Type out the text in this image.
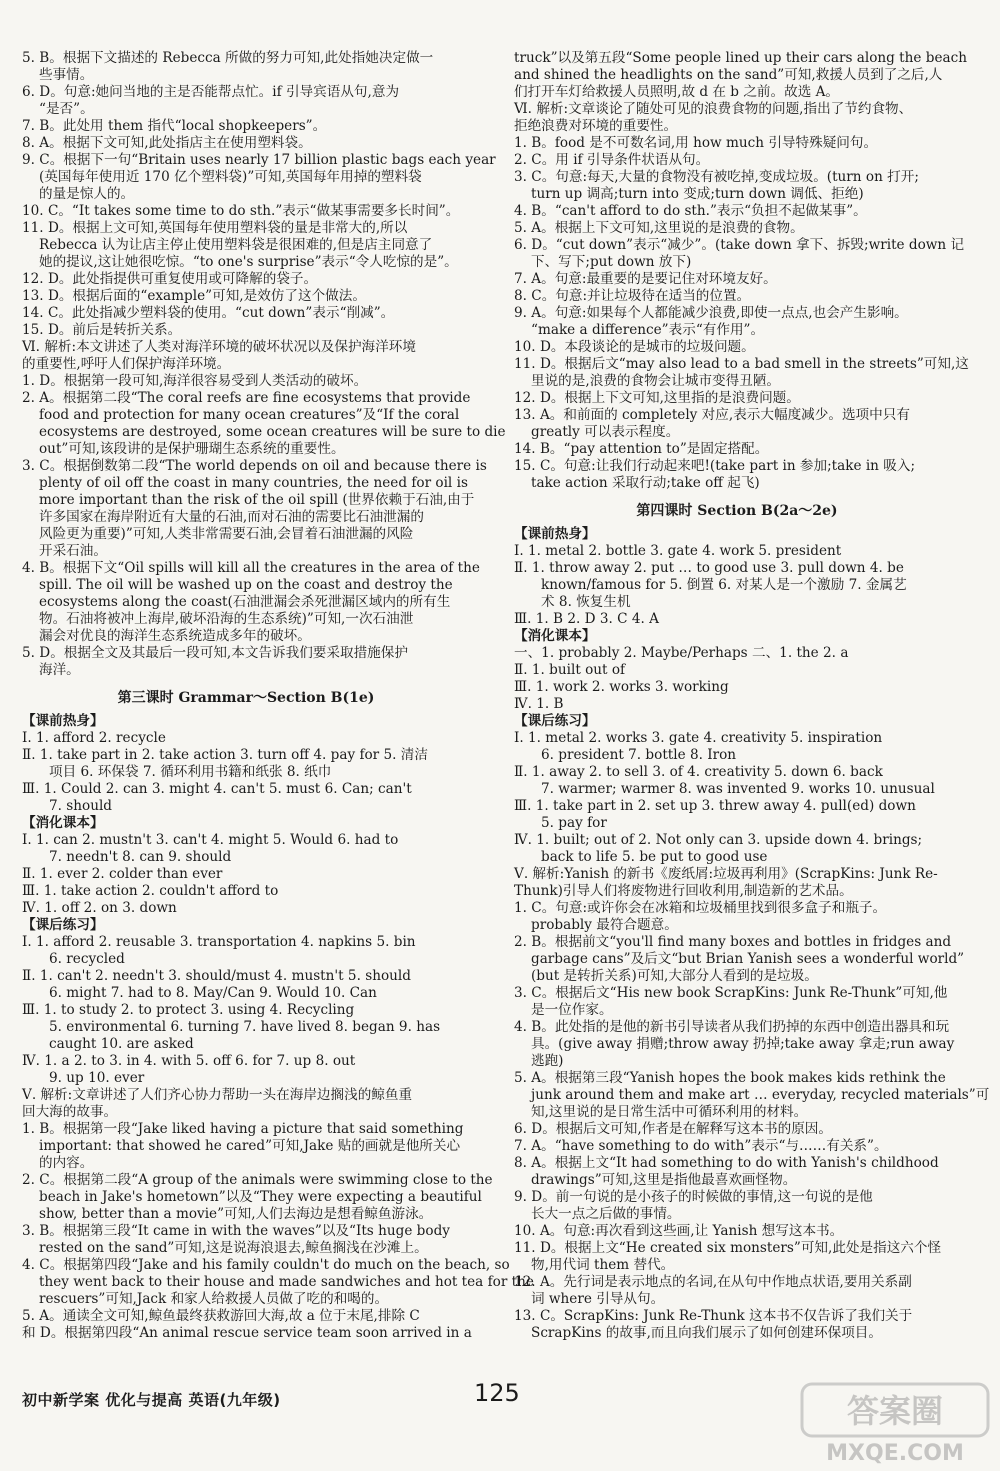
5. B。根据下文描述的 Rebecca 所做的努力可知,此处指她决定做一
些事情。
6. D。句意:她问当地的主是否能帮点忙。if 引导宾语从句,意为
“是否”。
7. B。此处用 them 指代“local shopkeepers”。
8. A。根据下文可知,此处指店主在使用塑料袋。
9. C。根据下一句“Britain uses nearly 17 billion plastic bags each year
(英国每年使用近 170 亿个塑料袋)”可知,英国每年用掉的塑料袋
的量是惊人的。
10. C。“It takes some time to do sth.”表示“做某事需要多长时间”。
11. D。根据上文可知,英国每年使用塑料袋的量是非常大的,所以
Rebecca 认为让店主停止使用塑料袋是很困难的,但是店主同意了
她的提议,这让她很吃惊。“to one's surprise”表示“令人吃惊的是”。
12. D。此处指提供可重复使用或可降解的袋子。
13. D。根据后面的“example”可知,是效仿了这个做法。
14. C。此处指减少塑料袋的使用。“cut down”表示“削减”。
15. D。前后是转折关系。
Ⅵ. 解析:本文讲述了人类对海洋环境的破坏状况以及保护海洋环境
的重要性,呼吁人们保护海洋环境。
1. D。根据第一段可知,海洋很容易受到人类活动的破坏。
2. A。根据第二段“The coral reefs are fine ecosystems that provide
food and protection for many ocean creatures”及“If the coral
ecosystems are destroyed, some ocean creatures will be sure to die
out”可知,该段讲的是保护珊瑚生态系统的重要性。
3. C。根据倒数第二段“The world depends on oil and because there is
plenty of oil off the coast in many countries, the need for oil is
more important than the risk of the oil spill (世界依赖于石油,由于
许多国家在海岸附近有大量的石油,而对石油的需要比石油泄漏的
风险更为重要)”可知,人类非常需要石油,会冒着石油泄漏的风险
开采石油。
4. B。根据下文“Oil spills will kill all the creatures in the area of the
spill. The oil will be washed up on the coast and destroy the
ecosystems along the coast(石油泄漏会杀死泄漏区域内的所有生
物。石油将被冲上海岸,破坏沿海的生态系统)”可知,一次石油泄
漏会对优良的海洋生态系统造成多年的破坏。
5. D。根据全文及其最后一段可知,本文告诉我们要采取措施保护
海洋。
第三课时 Grammar～Section B(1e)
【课前热身】
Ⅰ. 1. afford 2. recycle
Ⅱ. 1. take part in 2. take action 3. turn off 4. pay for 5. 清洁
项目 6. 环保袋 7. 循环利用书籍和纸张 8. 纸巾
Ⅲ. 1. Could 2. can 3. might 4. can't 5. must 6. Can; can't
7. should
【消化课本】
Ⅰ. 1. can 2. mustn't 3. can't 4. might 5. Would 6. had to
7. needn't 8. can 9. should
Ⅱ. 1. ever 2. colder than ever
Ⅲ. 1. take action 2. couldn't afford to
Ⅳ. 1. off 2. on 3. down
【课后练习】
Ⅰ. 1. afford 2. reusable 3. transportation 4. napkins 5. bin
6. recycled
Ⅱ. 1. can't 2. needn't 3. should/must 4. mustn't 5. should
6. might 7. had to 8. May/Can 9. Would 10. Can
Ⅲ. 1. to study 2. to protect 3. using 4. Recycling
5. environmental 6. turning 7. have lived 8. began 9. has
caught 10. are asked
Ⅳ. 1. a 2. to 3. in 4. with 5. off 6. for 7. up 8. out
9. up 10. ever
Ⅴ. 解析:文章讲述了人们齐心协力帮助一头在海岸边搁浅的鲸鱼重
回大海的故事。
1. B。根据第一段“Jake liked having a picture that said something
important: that showed he cared”可知,Jake 贴的画就是他所关心
的内容。
2. C。根据第二段“A group of the animals were swimming close to the
beach in Jake's hometown”以及“They were expecting a beautiful
show, better than a movie”可知,人们去海边是想看鲸鱼游泳。
3. B。根据第三段“It came in with the waves”以及“Its huge body
rested on the sand”可知,这是说海浪退去,鲸鱼搁浅在沙滩上。
4. C。根据第四段“Jake and his family couldn't do much on the beach, so
they went back to their house and made sandwiches and hot tea for the
rescuers”可知,Jack 和家人给救援人员做了吃的和喝的。
5. A。通读全文可知,鲸鱼最终获救游回大海,故 a 位于末尾,排除 C
和 D。根据第四段“An animal rescue service team soon arrived in a
truck”以及第五段“Some people lined up their cars along the beach
and shined the headlights on the sand”可知,救援人员到了之后,人
们打开车灯给救援人员照明,故 d 在 b 之前。故选 A。
Ⅵ. 解析:文章谈论了随处可见的浪费食物的问题,指出了节约食物、
拒绝浪费对环境的重要性。
1. B。food 是不可数名词,用 how much 引导特殊疑问句。
2. C。用 if 引导条件状语从句。
3. C。句意:每天,大量的食物没有被吃掉,变成垃圾。(turn on 打开;
turn up 调高;turn into 变成;turn down 调低、拒绝)
4. B。“can't afford to do sth.”表示“负担不起做某事”。
5. A。根据上下文可知,这里说的是浪费的食物。
6. D。“cut down”表示“减少”。(take down 拿下、拆毁;write down 记
下、写下;put down 放下)
7. A。句意:最重要的是要记住对环境友好。
8. C。句意:并让垃圾待在适当的位置。
9. A。句意:如果每个人都能减少浪费,即使一点点,也会产生影响。
“make a difference”表示“有作用”。
10. D。本段谈论的是城市的垃圾问题。
11. D。根据后文“may also lead to a bad smell in the streets”可知,这
里说的是,浪费的食物会让城市变得丑陋。
12. D。根据上下文可知,这里指的是浪费问题。
13. A。和前面的 completely 对应,表示大幅度减少。选项中只有
greatly 可以表示程度。
14. B。“pay attention to”是固定搭配。
15. C。句意:让我们行动起来吧!(take part in 参加;take in 吸入;
take action 采取行动;take off 起飞)
第四课时 Section B(2a～2e)
【课前热身】
Ⅰ. 1. metal 2. bottle 3. gate 4. work 5. president
Ⅱ. 1. throw away 2. put … to good use 3. pull down 4. be
known/famous for 5. 倒置 6. 对某人是一个激励 7. 金属艺
术 8. 恢复生机
Ⅲ. 1. B 2. D 3. C 4. A
【消化课本】
一、1. probably 2. Maybe/Perhaps 二、1. the 2. a
Ⅱ. 1. built out of
Ⅲ. 1. work 2. works 3. working
Ⅳ. 1. B
【课后练习】
Ⅰ. 1. metal 2. works 3. gate 4. creativity 5. inspiration
6. president 7. bottle 8. Iron
Ⅱ. 1. away 2. to sell 3. of 4. creativity 5. down 6. back
7. warmer; warmer 8. was invented 9. works 10. unusual
Ⅲ. 1. take part in 2. set up 3. threw away 4. pull(ed) down
5. pay for
Ⅳ. 1. built; out of 2. Not only can 3. upside down 4. brings;
back to life 5. be put to good use
Ⅴ. 解析:Yanish 的新书《废纸屑:垃圾再利用》(ScrapKins: Junk Re-
Thunk)引导人们将废物进行回收利用,制造新的艺术品。
1. C。句意:或许你会在冰箱和垃圾桶里找到很多盒子和瓶子。
probably 最符合题意。
2. B。根据前文“you'll find many boxes and bottles in fridges and
garbage cans”及后文“but Brian Yanish sees a wonderful world”
(but 是转折关系)可知,大部分人看到的是垃圾。
3. C。根据后文“His new book ScrapKins: Junk Re-Thunk”可知,他
是一位作家。
4. B。此处指的是他的新书引导读者从我们扔掉的东西中创造出器具和玩
具。(give away 捐赠;throw away 扔掉;take away 拿走;run away
逃跑)
5. A。根据第三段“Yanish hopes the book makes kids rethink the
junk around them and make art … everyday, recycled materials”可
知,这里说的是日常生活中可循环利用的材料。
6. D。根据后文可知,作者是在解释写这本书的原因。
7. A。“have something to do with”表示“与……有关系”。
8. A。根据上文“It had something to do with Yanish's childhood
drawings”可知,这里是指他最喜欢画怪物。
9. D。前一句说的是小孩子的时候做的事情,这一句说的是他
长大一点之后做的事情。
10. A。句意:再次看到这些画,让 Yanish 想写这本书。
11. D。根据上文“He created six monsters”可知,此处是指这六个怪
物,用代词 them 替代。
12. A。先行词是表示地点的名词,在从句中作地点状语,要用关系副
词 where 引导从句。
13. C。ScrapKins: Junk Re-Thunk 这本书不仅告诉了我们关于
ScrapKins 的故事,而且向我们展示了如何创建环保项目。
初中新学案 优化与提高 英语(九年级)	125	答案圈
MXQE.COM
